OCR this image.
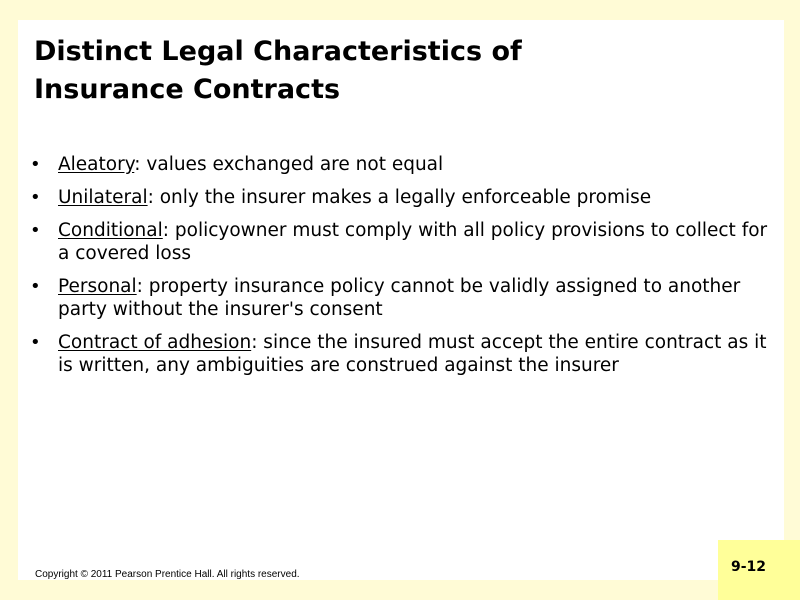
Distinct Legal Characteristics of
Insurance Contracts
• Aleatory: values exchanged are not equal
• Unilateral: only the insurer makes a legally enforceable promise
• Conditional: policyowner must comply with all policy provisions to collect for a covered loss
• Personal: property insurance policy cannot be validly assigned to another party without the insurer's consent
• Contract of adhesion: since the insured must accept the entire contract as it is written, any ambiguities are construed against the insurer
Copyright © 2011 Pearson Prentice Hall. All rights reserved.	9-12
